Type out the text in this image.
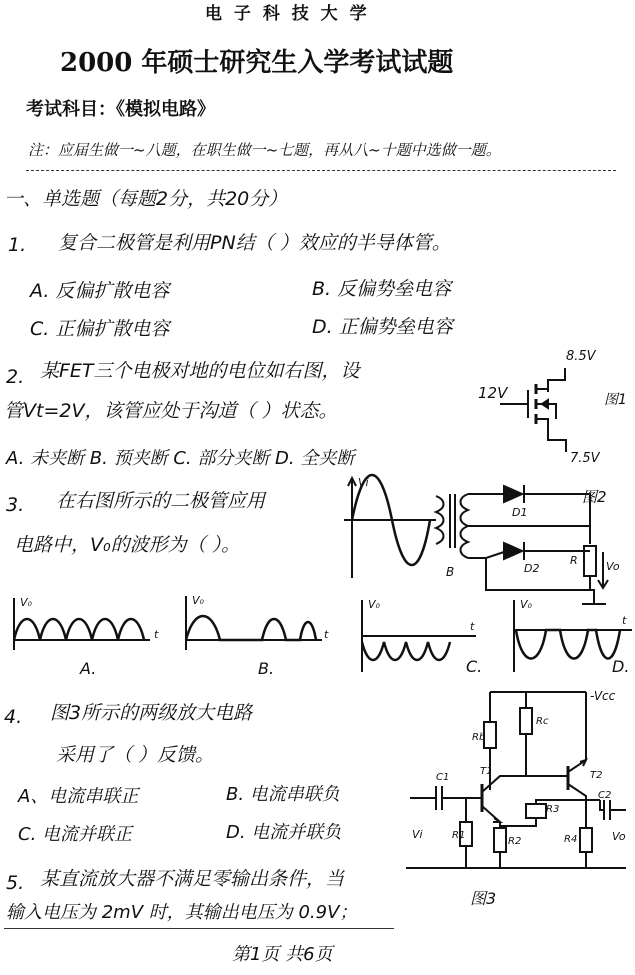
电 子 科 技 大 学
2000 年硕士研究生入学考试试题
考试科目：《模拟电路》
注：应届生做一~八题，在职生做一~七题，再从八~十题中选做一题。
一、单选题（每题2分，共20分）
1. 复合二极管是利用PN结（ ）效应的半导体管。
A. 反偏扩散电容	B. 反偏势垒电容
C. 正偏扩散电容	D. 正偏势垒电容
2. 某FET三个电极对地的电位如右图，设
管Vt=2V，该管应处于沟道（ ）状态。
A. 未夹断 B. 预夹断 C. 部分夹断 D. 全夹断
3. 在右图所示的二极管应用
电路中，V₀的波形为（ ）。
4. 图3所示的两级放大电路
采用了（ ）反馈。
A、电流串联正	B. 电流串联负
C. 电流并联正	D. 电流并联负
5. 某直流放大器不满足零输出条件，当
输入电压为 2mV 时，其输出电压为 0.9V；
第1页 共6页
8.5V
12V	图1
7.5V
Vi
B
D1
D2
R	Vo
图2
V₀
t
A.
V₀
t
B.
V₀
t
C.
V₀
t
D.
-Vcc
Rb
Rc
C1
Vi
T1
R1
R2
R3
T2
R4
C2
Vo
图3
